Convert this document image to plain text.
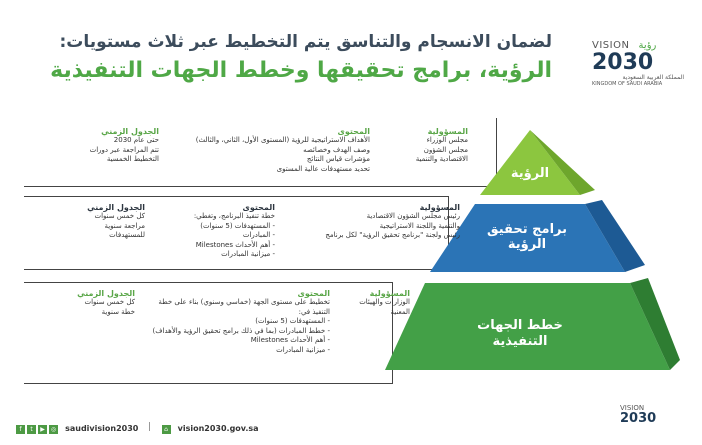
لضمان الانسجام والتناسق يتم التخطيط عبر ثلاث مستويات:
الرؤية، برامج تحقيقها وخطط الجهات التنفيذية
VISION رؤية
2030
المملكة العربية السعودية
KINGDOM OF SAUDI ARABIA
الرؤية
برامج تحقيق الرؤية
خطط الجهات التنفيذية
المسؤولية
مجلس الوزراء
مجلس الشؤون
الاقتصادية والتنمية
المحتوى
الأهداف الاستراتيجية للرؤية (المستوى الأول، الثاني، والثالث)
وصف الهدف وخصائصه
مؤشرات قياس النتائج
تحديد مستهدفات عالية المستوى
الجدول الزمني
حتى عام 2030
تتم المراجعة عبر دورات
التخطيط الخمسية
المسؤولية
رئيس مجلس الشؤون الاقتصادية
والتنمية واللجنة الاستراتيجية
رئيس ولجنة "برنامج تحقيق الرؤية" لكل برنامج
المحتوى
خطة تنفيذ البرنامج، وتغطي:
- المستهدفات (5 سنوات)
- المبادرات
- أهم الأحداث Milestones
- ميزانية المبادرات
الجدول الزمني
كل خمس سنوات
مراجعة سنوية
للمستهدفات
المسؤولية
الوزارات والهيئات
المعنية
المحتوى
تخطيط على مستوى الجهة (خماسي وسنوي) بناء على خطة التنفيذ في:
- المستهدفات (5 سنوات)
- خطط المبادرات (بما في ذلك برامج تحقيق الرؤية والأهداف)
- أهم الأحداث Milestones
- ميزانية المبادرات
الجدول الزمني
كل خمس سنوات
خطة سنوية
f t ▶ ◎ saudivision2030	⌂ vision2030.gov.sa
VISION
2030
